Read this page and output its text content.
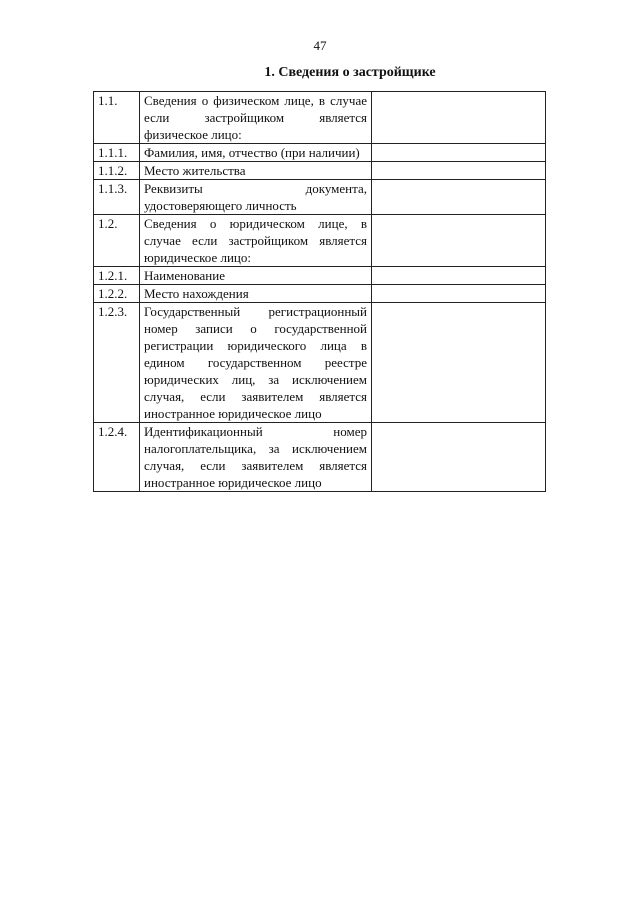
47
1. Сведения о застройщике
1.1.	Сведения о физическом лице, в случае если застройщиком является физическое лицо:	
1.1.1.	Фамилия, имя, отчество (при наличии)	
1.1.2.	Место жительства	
1.1.3.	Реквизиты документа, удостоверяющего личность	
1.2.	Сведения о юридическом лице, в случае если застройщиком является юридическое лицо:	
1.2.1.	Наименование	
1.2.2.	Место нахождения	
1.2.3.	Государственный регистрационный номер записи о государственной регистрации юридического лица в едином государственном реестре юридических лиц, за исключением случая, если заявителем является иностранное юридическое лицо	
1.2.4.	Идентификационный номер налогоплательщика, за исключением случая, если заявителем является иностранное юридическое лицо	
